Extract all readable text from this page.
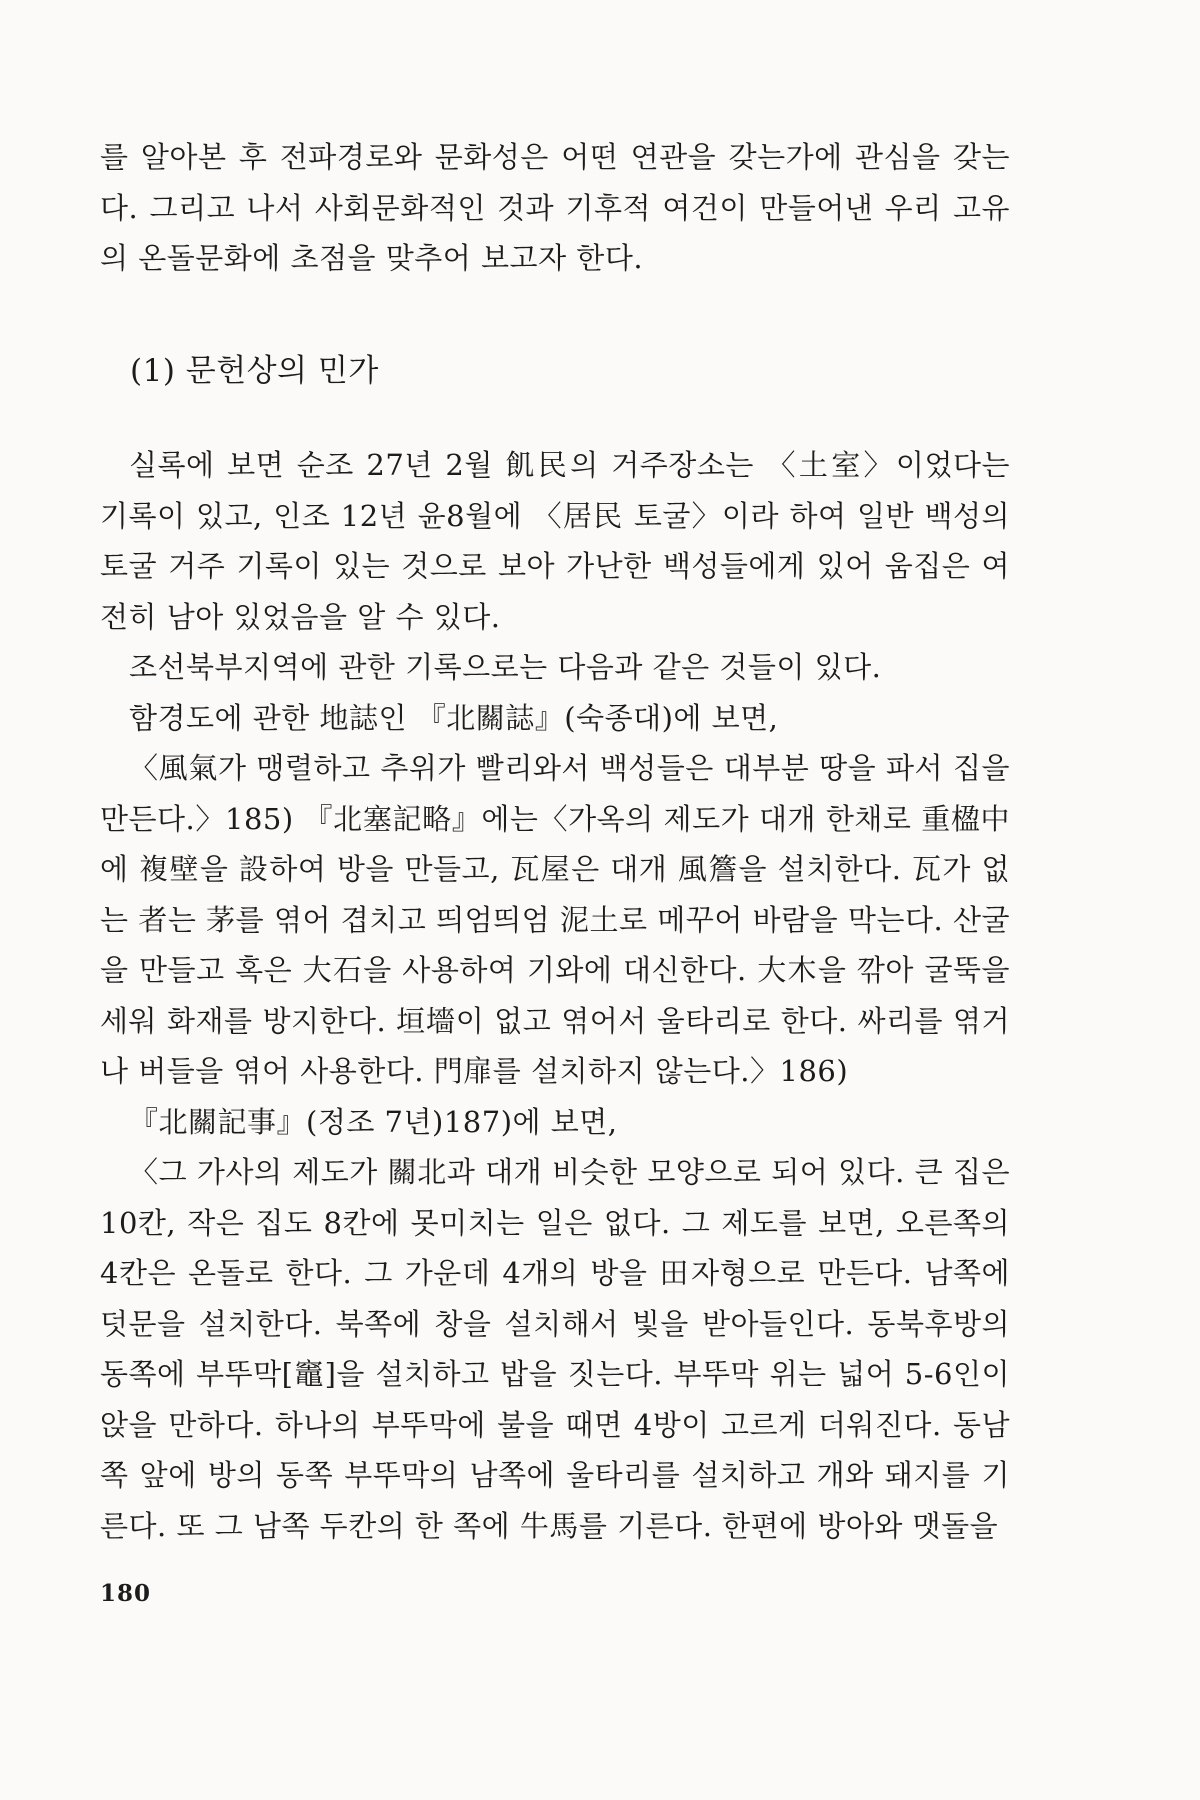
를 알아본 후 전파경로와 문화성은 어떤 연관을 갖는가에 관심을 갖는다. 그리고 나서 사회문화적인 것과 기후적 여건이 만들어낸 우리 고유의 온돌문화에 초점을 맞추어 보고자 한다.

(1) 문헌상의 민가

실록에 보면 순조 27년 2월 飢民의 거주장소는 〈土室〉이었다는 기록이 있고, 인조 12년 윤8월에 〈居民 토굴〉이라 하여 일반 백성의 토굴 거주 기록이 있는 것으로 보아 가난한 백성들에게 있어 움집은 여전히 남아 있었음을 알 수 있다.

조선북부지역에 관한 기록으로는 다음과 같은 것들이 있다.

함경도에 관한 地誌인 『北關誌』(숙종대)에 보면,

〈風氣가 맹렬하고 추위가 빨리와서 백성들은 대부분 땅을 파서 집을 만든다.〉185) 『北塞記略』에는〈가옥의 제도가 대개 한채로 重楹中에 複壁을 設하여 방을 만들고, 瓦屋은 대개 風簷을 설치한다. 瓦가 없는 者는 茅를 엮어 겹치고 띄엄띄엄 泥土로 메꾸어 바람을 막는다. 산굴을 만들고 혹은 大石을 사용하여 기와에 대신한다. 大木을 깎아 굴뚝을 세워 화재를 방지한다. 垣墻이 없고 엮어서 울타리로 한다. 싸리를 엮거나 버들을 엮어 사용한다. 門扉를 설치하지 않는다.〉186)

『北關記事』(정조 7년)187)에 보면,

〈그 가사의 제도가 關北과 대개 비슷한 모양으로 되어 있다. 큰 집은 10칸, 작은 집도 8칸에 못미치는 일은 없다. 그 제도를 보면, 오른쪽의 4칸은 온돌로 한다. 그 가운데 4개의 방을 田자형으로 만든다. 남쪽에 덧문을 설치한다. 북쪽에 창을 설치해서 빛을 받아들인다. 동북후방의 동쪽에 부뚜막[竈]을 설치하고 밥을 짓는다. 부뚜막 위는 넓어 5-6인이 앉을 만하다. 하나의 부뚜막에 불을 때면 4방이 고르게 더워진다. 동남쪽 앞에 방의 동쪽 부뚜막의 남쪽에 울타리를 설치하고 개와 돼지를 기른다. 또 그 남쪽 두칸의 한 쪽에 牛馬를 기른다. 한편에 방아와 맷돌을

180
